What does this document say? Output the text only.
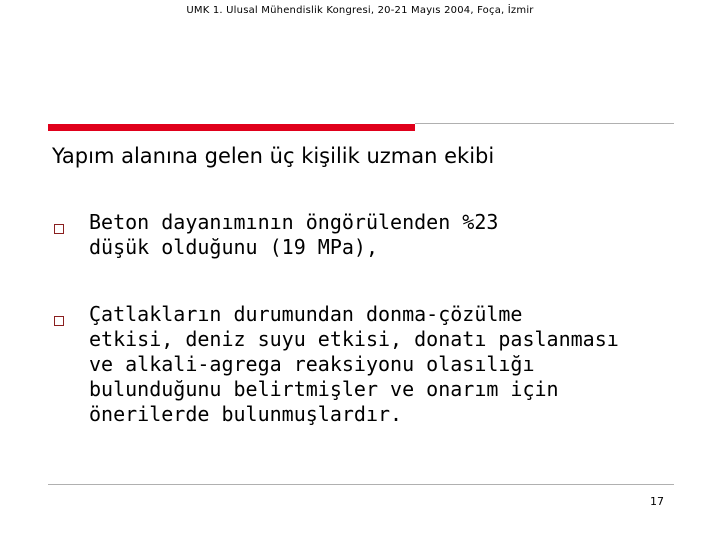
UMK 1. Ulusal Mühendislik Kongresi, 20-21 Mayıs 2004, Foça, İzmir
Yapım alanına gelen üç kişilik uzman ekibi
Beton dayanımının öngörülenden %23
düşük olduğunu (19 MPa),
Çatlakların durumundan donma-çözülme
etkisi, deniz suyu etkisi, donatı paslanması
ve alkali-agrega reaksiyonu olasılığı
bulunduğunu belirtmişler ve onarım için
önerilerde bulunmuşlardır.
17
